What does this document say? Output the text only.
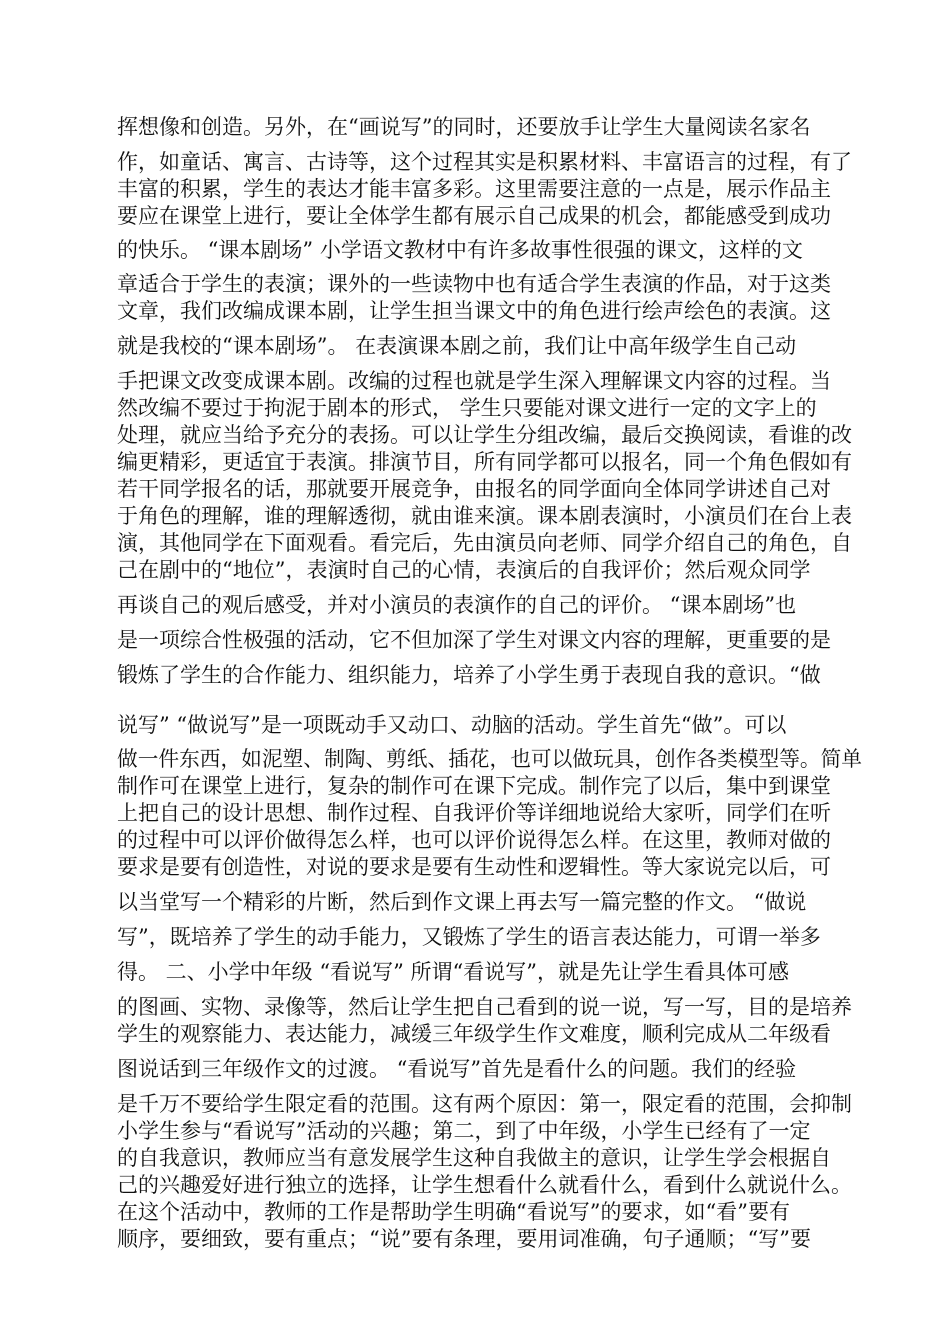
挥想像和创造。另外，在“画说写”的同时，还要放手让学生大量阅读名家名
作，如童话、寓言、古诗等，这个过程其实是积累材料、丰富语言的过程，有了
丰富的积累，学生的表达才能丰富多彩。这里需要注意的一点是，展示作品主
要应在课堂上进行，要让全体学生都有展示自己成果的机会，都能感受到成功
的快乐。 “课本剧场” 小学语文教材中有许多故事性很强的课文，这样的文
章适合于学生的表演；课外的一些读物中也有适合学生表演的作品，对于这类
文章，我们改编成课本剧，让学生担当课文中的角色进行绘声绘色的表演。这
就是我校的“课本剧场”。 在表演课本剧之前，我们让中高年级学生自己动
手把课文改变成课本剧。改编的过程也就是学生深入理解课文内容的过程。当
然改编不要过于拘泥于剧本的形式， 学生只要能对课文进行一定的文字上的
处理，就应当给予充分的表扬。可以让学生分组改编，最后交换阅读，看谁的改
编更精彩，更适宜于表演。排演节目，所有同学都可以报名，同一个角色假如有
若干同学报名的话，那就要开展竞争，由报名的同学面向全体同学讲述自己对
于角色的理解，谁的理解透彻，就由谁来演。课本剧表演时，小演员们在台上表
演，其他同学在下面观看。看完后，先由演员向老师、同学介绍自己的角色，自
己在剧中的“地位”，表演时自己的心情，表演后的自我评价；然后观众同学
再谈自己的观后感受，并对小演员的表演作的自己的评价。 “课本剧场”也
是一项综合性极强的活动，它不但加深了学生对课文内容的理解，更重要的是
锻炼了学生的合作能力、组织能力，培养了小学生勇于表现自我的意识。“做
说写” “做说写”是一项既动手又动口、动脑的活动。学生首先“做”。可以
做一件东西，如泥塑、制陶、剪纸、插花，也可以做玩具，创作各类模型等。简单
制作可在课堂上进行，复杂的制作可在课下完成。制作完了以后，集中到课堂
上把自己的设计思想、制作过程、自我评价等详细地说给大家听，同学们在听
的过程中可以评价做得怎么样，也可以评价说得怎么样。在这里，教师对做的
要求是要有创造性，对说的要求是要有生动性和逻辑性。等大家说完以后，可
以当堂写一个精彩的片断，然后到作文课上再去写一篇完整的作文。 “做说
写”，既培养了学生的动手能力，又锻炼了学生的语言表达能力，可谓一举多
得。 二、小学中年级 “看说写” 所谓“看说写”，就是先让学生看具体可感
的图画、实物、录像等，然后让学生把自己看到的说一说，写一写，目的是培养
学生的观察能力、表达能力，减缓三年级学生作文难度，顺利完成从二年级看
图说话到三年级作文的过渡。 “看说写”首先是看什么的问题。我们的经验
是千万不要给学生限定看的范围。这有两个原因：第一，限定看的范围，会抑制
小学生参与“看说写”活动的兴趣；第二，到了中年级，小学生已经有了一定
的自我意识，教师应当有意发展学生这种自我做主的意识，让学生学会根据自
己的兴趣爱好进行独立的选择，让学生想看什么就看什么，看到什么就说什么。
在这个活动中，教师的工作是帮助学生明确“看说写”的要求，如“看”要有
顺序，要细致，要有重点；“说”要有条理，要用词准确，句子通顺；“写”要
